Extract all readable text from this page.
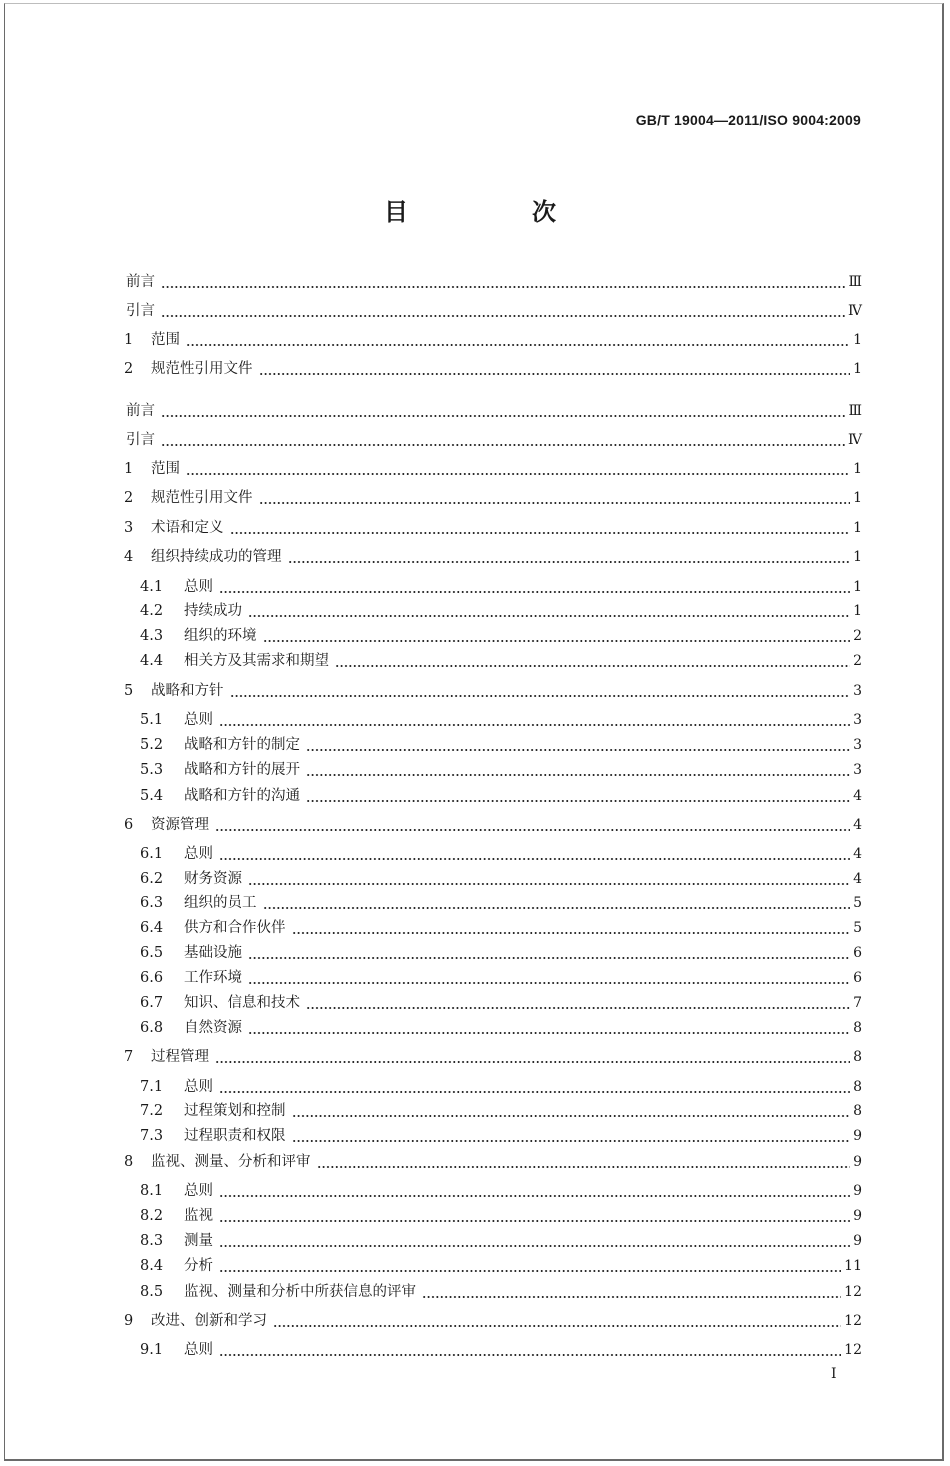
GB/T 19004—2011/ISO 9004:2009
目　次
前言	Ⅲ
引言	Ⅳ
1	范围	1
2	规范性引用文件	1
前言	Ⅲ
引言	Ⅳ
1	范围	1
2	规范性引用文件	1
3	术语和定义	1
4	组织持续成功的管理	1
4.1	总则	1
4.2	持续成功	1
4.3	组织的环境	2
4.4	相关方及其需求和期望	2
5	战略和方针	3
5.1	总则	3
5.2	战略和方针的制定	3
5.3	战略和方针的展开	3
5.4	战略和方针的沟通	4
6	资源管理	4
6.1	总则	4
6.2	财务资源	4
6.3	组织的员工	5
6.4	供方和合作伙伴	5
6.5	基础设施	6
6.6	工作环境	6
6.7	知识、信息和技术	7
6.8	自然资源	8
7	过程管理	8
7.1	总则	8
7.2	过程策划和控制	8
7.3	过程职责和权限	9
8	监视、测量、分析和评审	9
8.1	总则	9
8.2	监视	9
8.3	测量	9
8.4	分析	11
8.5	监视、测量和分析中所获信息的评审	12
9	改进、创新和学习	12
9.1	总则	12
I
